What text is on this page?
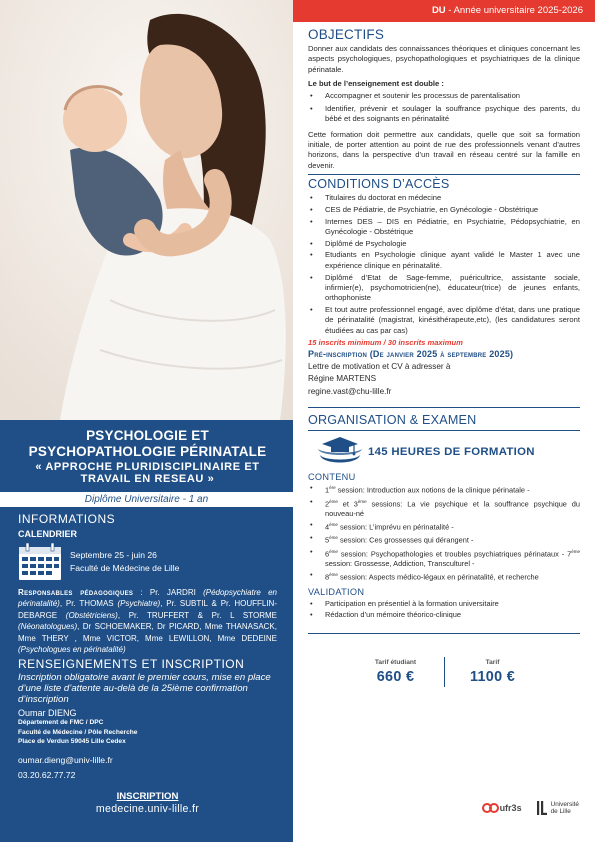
PSYCHOLOGIE ET
PSYCHOPATHOLOGIE PÉRINATALE
« APPROCHE PLURIDISCIPLINAIRE ET
TRAVAIL EN RESEAU »
Diplôme Universitaire - 1 an
INFORMATIONS
CALENDRIER
Septembre 25 - juin 26
Faculté de Médecine de Lille
Responsables pédagogiques : Pr. JARDRI (Pédopsychiatre en périnatalité), Pr. THOMAS (Psychiatre), Pr. SUBTIL & Pr. HOUFFLIN-DEBARGE (Obstétriciens), Pr. TRUFFERT & Pr. L STORME (Néonatologues), Dr SCHOEMAKER, Dr PICARD, Mme THANASACK, Mme THERY , Mme VICTOR, Mme LEWILLON, Mme DEDEINE (Psychologues en périnatalité)
RENSEIGNEMENTS ET INSCRIPTION
Inscription obligatoire avant le premier cours, mise en place d’une liste d’attente au-delà de la 25ième confirmation d’inscription
Oumar DIENG
Département de FMC / DPC
Faculté de Médecine / Pôle Recherche
Place de Verdun 59045 Lille Cedex
oumar.dieng@univ-lille.fr
03.20.62.77.72
INSCRIPTION
medecine.univ-lille.fr
DU - Année universitaire 2025-2026
OBJECTIFS
Donner aux candidats des connaissances théoriques et cliniques concernant les aspects psychologiques, psychopathologiques et psychiatriques de la clinique périnatale.
Le but de l’enseignement est double :
• Accompagner et soutenir les processus de parentalisation
• Identifier, prévenir et soulager la souffrance psychique des parents, du bébé et des soignants en périnatalité
Cette formation doit permettre aux candidats, quelle que soit sa formation initiale, de porter attention au point de rue des professionnels venant d’autres horizons, dans la perspective d’un travail en réseau centré sur la famille en devenir.
CONDITIONS D’ACCÈS
• Titulaires du doctorat en médecine
• CES de Pédiatrie, de Psychiatrie, en Gynécologie - Obstétrique
• Internes DES – DIS en Pédiatrie, en Psychiatrie, Pédopsychiatrie, en Gynécologie - Obstétrique
• Diplômé de Psychologie
• Etudiants en Psychologie clinique ayant validé le Master 1 avec une expérience clinique en périnatalité.
• Diplômé d’Etat de Sage-femme, puéricultrice, assistante sociale, infirmier(e), psychomotricien(ne), éducateur(trice) de jeunes enfants, orthophoniste
• Et tout autre professionnel engagé, avec diplôme d’état, dans une pratique de périnatalité (magistrat, kinésithérapeute,etc), (les candidatures seront étudiées au cas par cas)
15 inscrits minimum / 30 inscrits maximum
Pré-inscription (De janvier 2025 à septembre 2025)
Lettre de motivation et CV à adresser à
Régine MARTENS
regine.vast@chu-lille.fr
ORGANISATION & EXAMEN
145 HEURES DE FORMATION
CONTENU
• 1ère session: Introduction aux notions de la clinique périnatale -
• 2ème et 3ème sessions: La vie psychique et la souffrance psychique du nouveau-né
• 4ème session: L’imprévu en périnatalité -
• 5ème session: Ces grossesses qui dérangent -
• 6ème session: Psychopathologies et troubles psychiatriques périnataux - 7ème session: Grossesse, Addiction, Transculturel -
• 8ème session: Aspects médico-légaux en périnatalité, et recherche
VALIDATION
• Participation en présentiel à la formation universitaire
• Rédaction d’un mémoire théorico-clinique
Tarif étudiant
660 €
Tarif
1100 €
ufr3s	Université
de Lille
